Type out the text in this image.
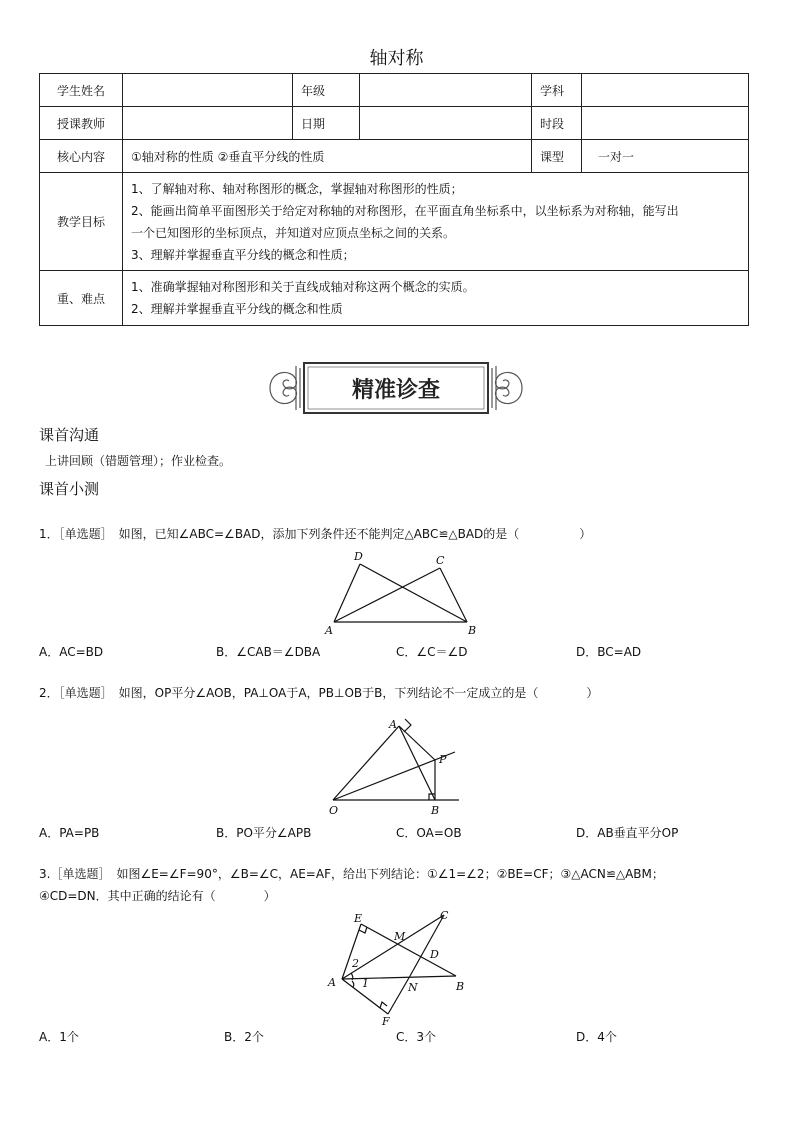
轴对称
学生姓名		年级		学科	
授课教师		日期		时段	
核心内容	①轴对称的性质 ②垂直平分线的性质			课型	一对一
教学目标	1、了解轴对称、轴对称图形的概念，掌握轴对称图形的性质；
2、能画出简单平面图形关于给定对称轴的对称图形，在平面直角坐标系中，以坐标系为对称轴，能写出
一个已知图形的坐标顶点，并知道对应顶点坐标之间的关系。
3、理解并掌握垂直平分线的概念和性质；				

重、难点	1、准确掌握轴对称图形和关于直线成轴对称这两个概念的实质。
2、理解并掌握垂直平分线的概念和性质				
精准诊查
课首沟通
上讲回顾（错题管理）；作业检查。
课首小测
1．［单选题］　如图，已知∠ABC=∠BAD，添加下列条件还不能判定△ABC≌△BAD的是（　　　　　）
D	C
A	B
A．AC=BD	B．∠CAB＝∠DBA	C．∠C＝∠D	D．BC=AD
2．［单选题］　如图，OP平分∠AOB，PA⊥OA于A，PB⊥OB于B，下列结论不一定成立的是（　　　　）
A
P
O	B
A．PA=PB	B．PO平分∠APB	C．OA=OB	D．AB垂直平分OP
3.［单选题］　如图∠E=∠F=90°，∠B=∠C，AE=AF，给出下列结论：①∠1=∠2；②BE=CF；③△ACN≌△ABM；
④CD=DN．其中正确的结论有（　　　　）
E
M
C
2
D
A 1	N	B
F
A．1个	B．2个	C．3个	D．4个
